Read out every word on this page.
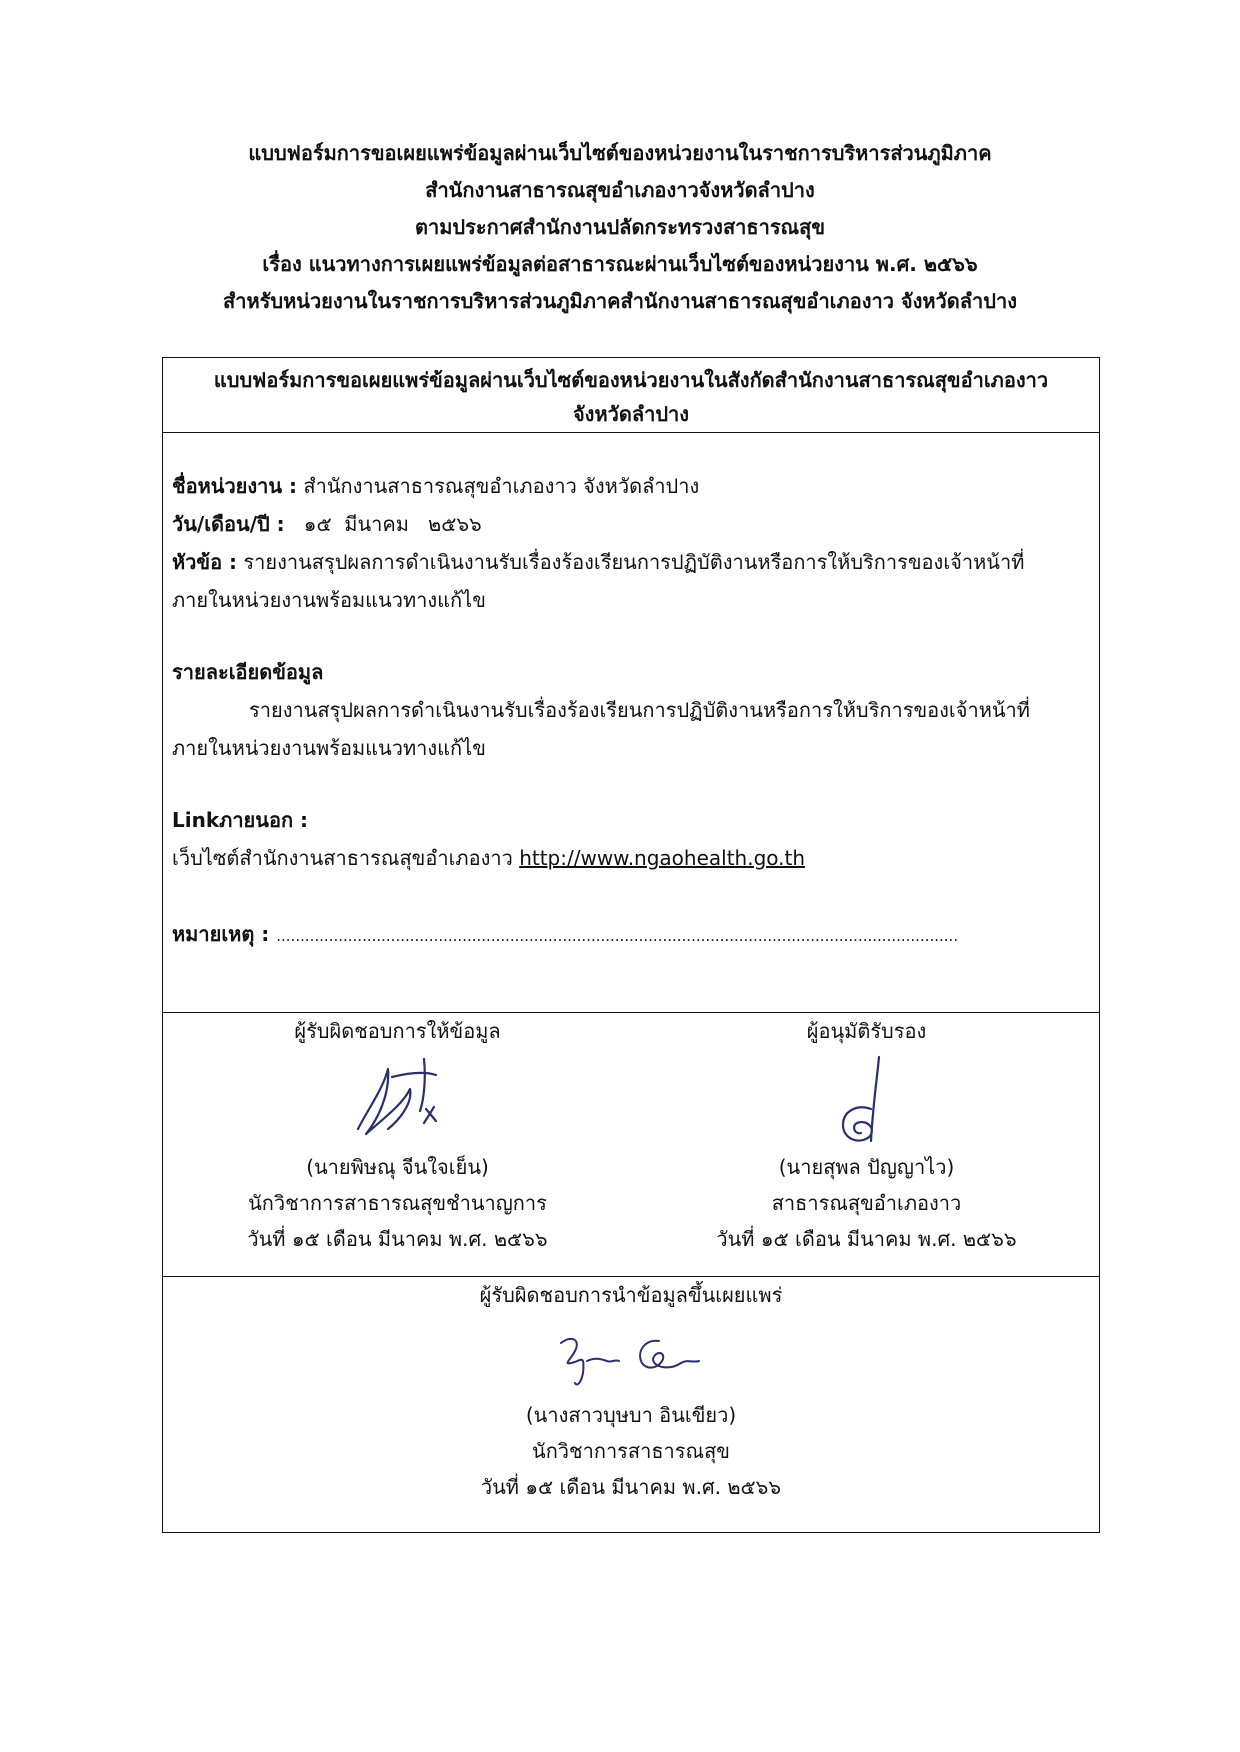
แบบฟอร์มการขอเผยแพร่ข้อมูลผ่านเว็บไซต์ของหน่วยงานในราชการบริหารส่วนภูมิภาค
สำนักงานสาธารณสุขอำเภองาวจังหวัดลำปาง
ตามประกาศสำนักงานปลัดกระทรวงสาธารณสุข
เรื่อง แนวทางการเผยแพร่ข้อมูลต่อสาธารณะผ่านเว็บไซต์ของหน่วยงาน พ.ศ. ๒๕๖๖
สำหรับหน่วยงานในราชการบริหารส่วนภูมิภาคสำนักงานสาธารณสุขอำเภองาว จังหวัดลำปาง
แบบฟอร์มการขอเผยแพร่ข้อมูลผ่านเว็บไซต์ของหน่วยงานในสังกัดสำนักงานสาธารณสุขอำเภองาว
จังหวัดลำปาง
ชื่อหน่วยงาน : สำนักงานสาธารณสุขอำเภองาว จังหวัดลำปาง
วัน/เดือน/ปี :   ๑๕  มีนาคม   ๒๕๖๖
หัวข้อ : รายงานสรุปผลการดำเนินงานรับเรื่องร้องเรียนการปฏิบัติงานหรือการให้บริการของเจ้าหน้าที่
ภายในหน่วยงานพร้อมแนวทางแก้ไข
รายละเอียดข้อมูล
รายงานสรุปผลการดำเนินงานรับเรื่องร้องเรียนการปฏิบัติงานหรือการให้บริการของเจ้าหน้าที่
ภายในหน่วยงานพร้อมแนวทางแก้ไข
Linkภายนอก :
เว็บไซต์สำนักงานสาธารณสุขอำเภองาว http://www.ngaohealth.go.th
หมายเหตุ : ...............................................................................................................................................
ผู้รับผิดชอบการให้ข้อมูล
(นายพิษณุ จีนใจเย็น)
นักวิชาการสาธารณสุขชำนาญการ
วันที่ ๑๕ เดือน มีนาคม พ.ศ. ๒๕๖๖
ผู้อนุมัติรับรอง
(นายสุพล ปัญญาไว)
สาธารณสุขอำเภองาว
วันที่ ๑๕ เดือน มีนาคม พ.ศ. ๒๕๖๖
ผู้รับผิดชอบการนำข้อมูลขึ้นเผยแพร่
(นางสาวบุษบา อินเขียว)
นักวิชาการสาธารณสุข
วันที่ ๑๕ เดือน มีนาคม พ.ศ. ๒๕๖๖
